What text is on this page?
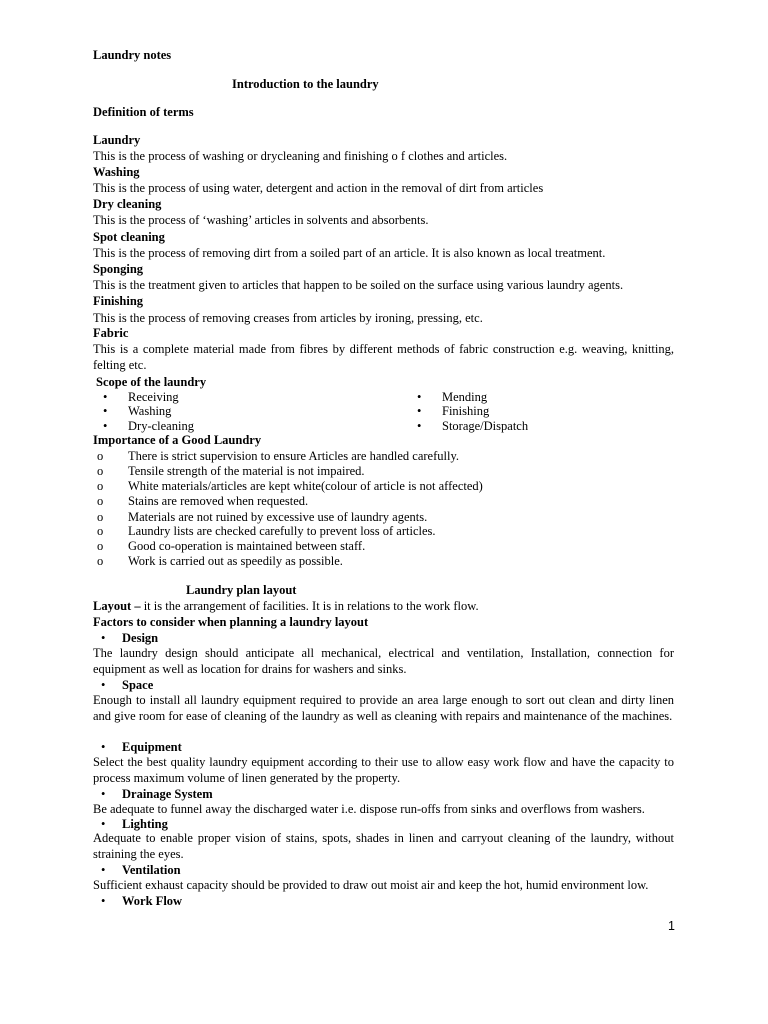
Laundry notes
Introduction to the laundry
Definition of terms
Laundry
This is the process of washing or drycleaning and finishing o f clothes and articles.
Washing
This is the process of using water, detergent and action in the removal of dirt from articles
Dry cleaning
This is the process of ‘washing’ articles in solvents and absorbents.
Spot cleaning
This is the process of removing dirt from a soiled part of an article. It is also known as local treatment.
Sponging
This is the treatment given to articles that happen to be soiled on the surface using various laundry agents.
Finishing
This is the process of removing creases from articles by ironing, pressing, etc.
Fabric
This is a complete material made from fibres by different methods of fabric construction e.g. weaving, knitting, felting etc.
Scope of the laundry
• Receiving
• Washing
• Dry-cleaning
• Mending
• Finishing
• Storage/Dispatch
Importance of a Good Laundry
o There is strict supervision to ensure Articles are handled carefully.
o Tensile strength of the material is not impaired.
o White materials/articles are kept white(colour of article is not affected)
o Stains are removed when requested.
o Materials are not ruined by excessive use of laundry agents.
o Laundry lists are checked carefully to prevent loss of articles.
o Good co-operation is maintained between staff.
o Work is carried out as speedily as possible.
Laundry plan layout
Layout – it is the arrangement of facilities. It is in relations to the work flow.
Factors to consider when planning a laundry layout
• Design
The laundry design should anticipate all mechanical, electrical and ventilation, Installation, connection for equipment as well as location for drains for washers and sinks.
• Space
Enough to install all laundry equipment required to provide an area large enough to sort out clean and dirty linen and give room for ease of cleaning of the laundry as well as cleaning with repairs and maintenance of the machines.
• Equipment
Select the best quality laundry equipment according to their use to allow easy work flow and have the capacity to process maximum volume of linen generated by the property.
• Drainage System
Be adequate to funnel away the discharged water i.e. dispose run-offs from sinks and overflows from washers.
• Lighting
Adequate to enable proper vision of stains, spots, shades in linen and carryout cleaning of the laundry, without straining the eyes.
• Ventilation
Sufficient exhaust capacity should be provided to draw out moist air and keep the hot, humid environment low.
• Work Flow
1
